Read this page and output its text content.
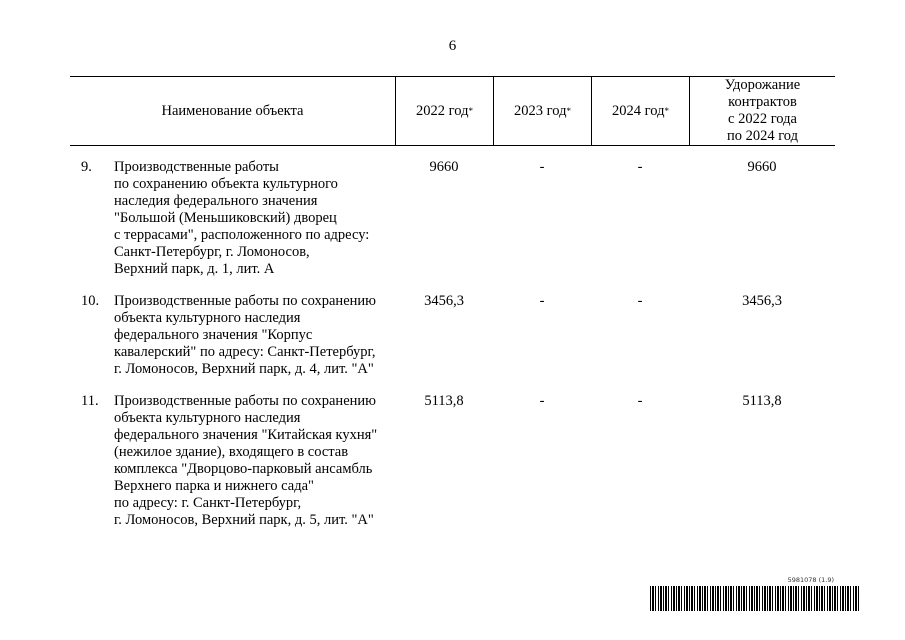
6
Наименование объекта	2022 год *	2023 год *	2024 год *
Удорожание
контрактов
с 2022 года
по 2024 год
9.	Производственные работы
по сохранению объекта культурного
наследия федерального значения
"Большой (Меньшиковский) дворец
с террасами", расположенного по адресу:
Санкт-Петербург, г. Ломоносов,
Верхний парк, д. 1, лит. А
9660	-	-	9660
10.	Производственные работы по сохранению
объекта культурного наследия
федерального значения "Корпус
кавалерский" по адресу: Санкт-Петербург,
г. Ломоносов, Верхний парк, д. 4, лит. "А"
3456,3	-	-	3456,3
11.	Производственные работы по сохранению
объекта культурного наследия
федерального значения "Китайская кухня"
(нежилое здание), входящего в состав
комплекса "Дворцово-парковый ансамбль
Верхнего парка и нижнего сада"
по адресу: г. Санкт-Петербург,
г. Ломоносов, Верхний парк, д. 5, лит. "А"
5113,8	-	-	5113,8
5981078 (1.9)
